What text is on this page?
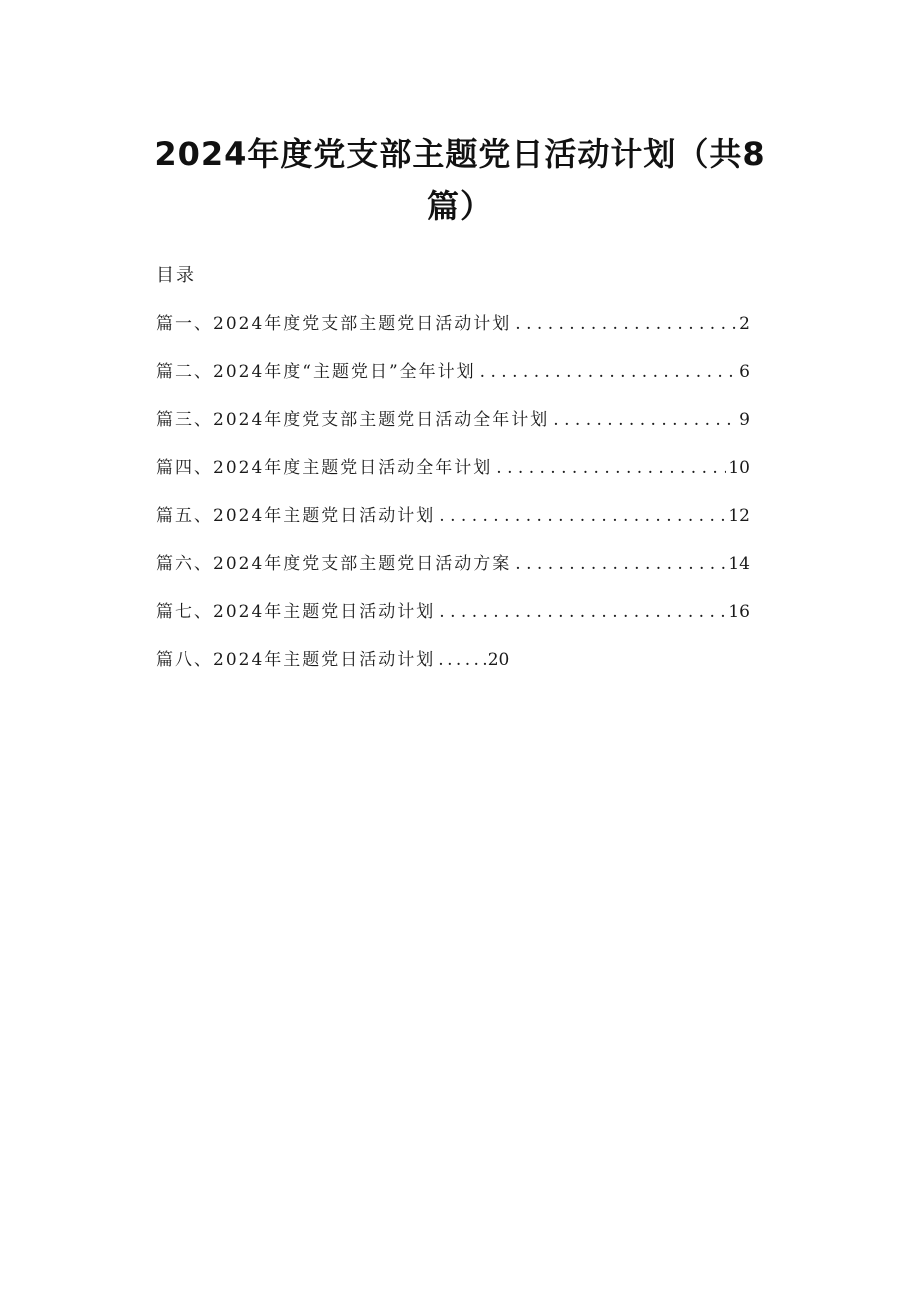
2024年度党支部主题党日活动计划（共8篇）
目录
篇一、2024年度党支部主题党日活动计划 . . .	2
篇二、2024年度“主题党日”全年计划 . . .	6
篇三、2024年度党支部主题党日活动全年计划 . . .	9
篇四、2024年度主题党日活动全年计划 . . .	10
篇五、2024年主题党日活动计划 . . .	12
篇六、2024年度党支部主题党日活动方案 . . .	14
篇七、2024年主题党日活动计划 . . .	16
篇八、2024年主题党日活动计划 . . .	20
